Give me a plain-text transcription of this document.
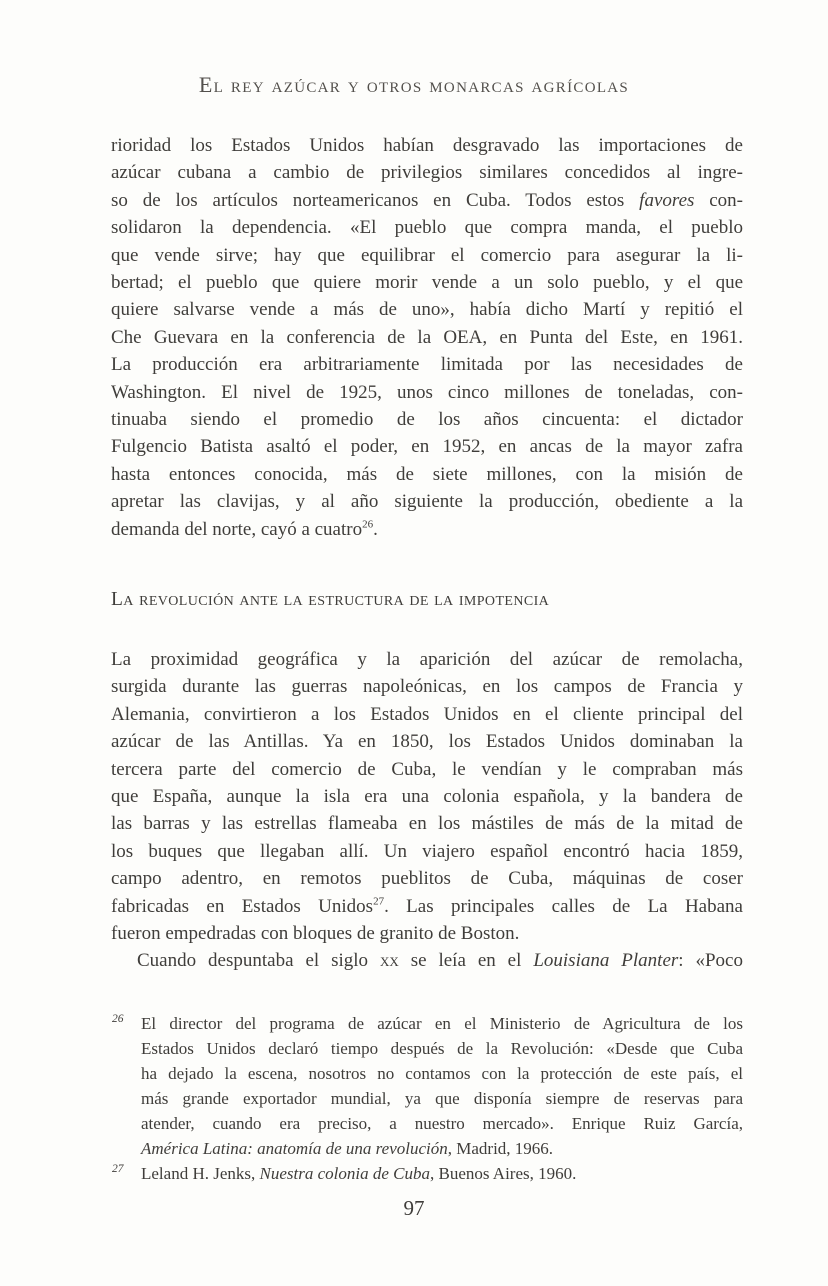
El rey azúcar y otros monarcas agrícolas
rioridad los Estados Unidos habían desgravado las importaciones de
azúcar cubana a cambio de privilegios similares concedidos al ingre-
so de los artículos norteamericanos en Cuba. Todos estos favores con-
solidaron la dependencia. «El pueblo que compra manda, el pueblo
que vende sirve; hay que equilibrar el comercio para asegurar la li-
bertad; el pueblo que quiere morir vende a un solo pueblo, y el que
quiere salvarse vende a más de uno», había dicho Martí y repitió el
Che Guevara en la conferencia de la OEA, en Punta del Este, en 1961.
La producción era arbitrariamente limitada por las necesidades de
Washington. El nivel de 1925, unos cinco millones de toneladas, con-
tinuaba siendo el promedio de los años cincuenta: el dictador
Fulgencio Batista asaltó el poder, en 1952, en ancas de la mayor zafra
hasta entonces conocida, más de siete millones, con la misión de
apretar las clavijas, y al año siguiente la producción, obediente a la
demanda del norte, cayó a cuatro$^{26}$.
La revolución ante la estructura de la impotencia
La proximidad geográfica y la aparición del azúcar de remolacha,
surgida durante las guerras napoleónicas, en los campos de Francia y
Alemania, convirtieron a los Estados Unidos en el cliente principal del
azúcar de las Antillas. Ya en 1850, los Estados Unidos dominaban la
tercera parte del comercio de Cuba, le vendían y le compraban más
que España, aunque la isla era una colonia española, y la bandera de
las barras y las estrellas flameaba en los mástiles de más de la mitad de
los buques que llegaban allí. Un viajero español encontró hacia 1859,
campo adentro, en remotos pueblitos de Cuba, máquinas de coser
fabricadas en Estados Unidos$^{27}$. Las principales calles de La Habana
fueron empedradas con bloques de granito de Boston.
Cuando despuntaba el siglo xx se leía en el Louisiana Planter: «Poco
26 El director del programa de azúcar en el Ministerio de Agricultura de los
Estados Unidos declaró tiempo después de la Revolución: «Desde que Cuba
ha dejado la escena, nosotros no contamos con la protección de este país, el
más grande exportador mundial, ya que disponía siempre de reservas para
atender, cuando era preciso, a nuestro mercado». Enrique Ruiz García,
América Latina: anatomía de una revolución, Madrid, 1966.
27 Leland H. Jenks, Nuestra colonia de Cuba, Buenos Aires, 1960.
97
